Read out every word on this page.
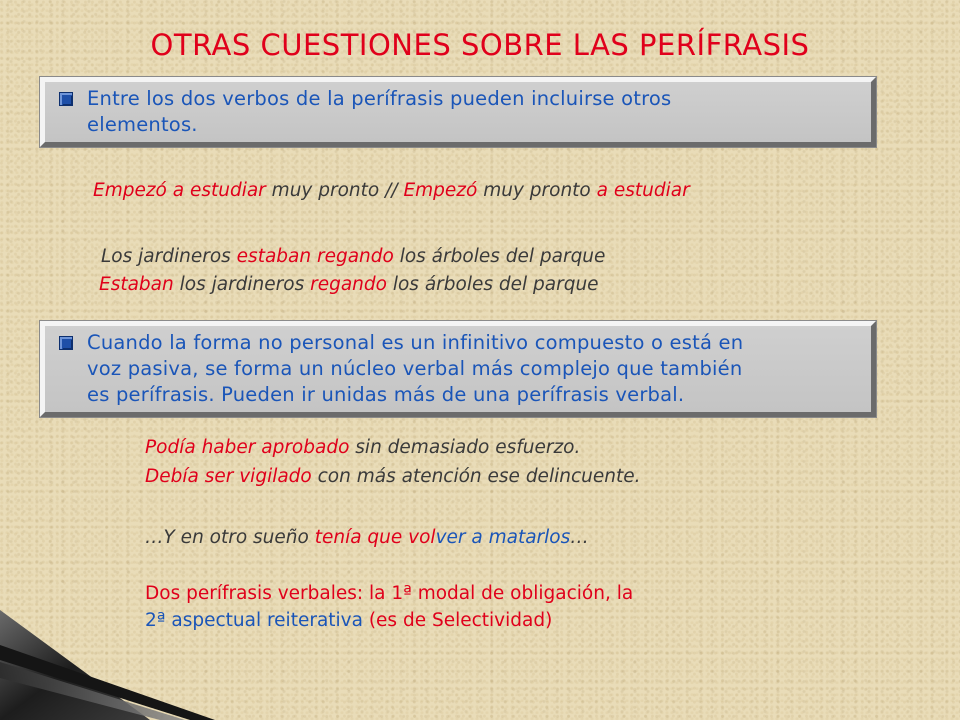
OTRAS CUESTIONES SOBRE LAS PERÍFRASIS
Entre los dos verbos de la perífrasis pueden incluirse otros
elementos.
Empezó a estudiar muy pronto // Empezó muy pronto a estudiar
Los jardineros estaban regando los árboles del parque
Estaban los jardineros regando los árboles del parque
Cuando la forma no personal es un infinitivo compuesto o está en
voz pasiva, se forma un núcleo verbal más complejo que también
es perífrasis. Pueden ir unidas más de una perífrasis verbal.
Podía haber aprobado sin demasiado esfuerzo.
Debía ser vigilado con más atención ese delincuente.
…Y en otro sueño tenía que volver a matarlos…
Dos perífrasis verbales: la 1ª modal de obligación, la
2ª aspectual reiterativa (es de Selectividad)
